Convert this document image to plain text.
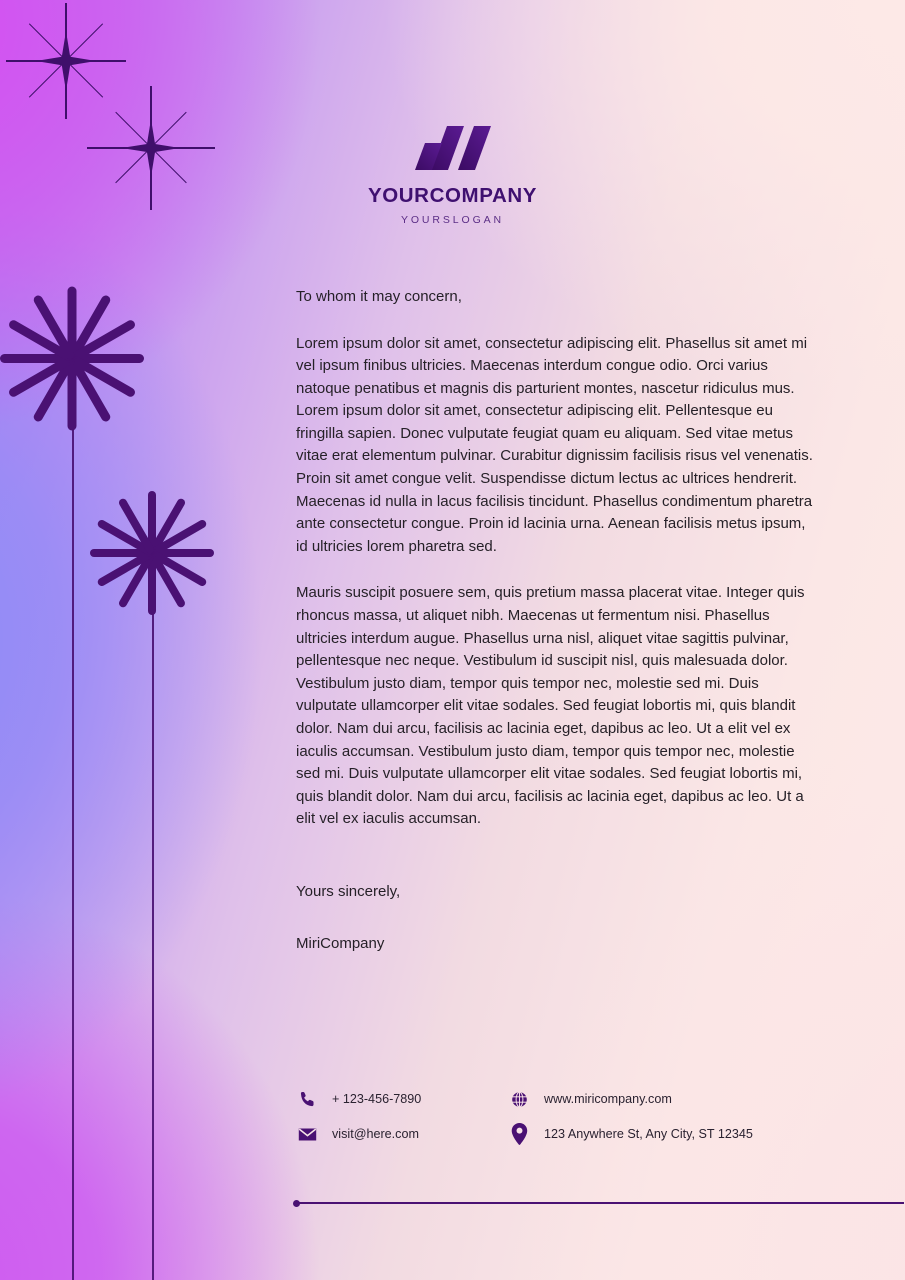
YOURCOMPANY
YOURSLOGAN
To whom it may concern,

Lorem ipsum dolor sit amet, consectetur adipiscing elit. Phasellus sit amet mi vel ipsum finibus ultricies. Maecenas interdum congue odio. Orci varius natoque penatibus et magnis dis parturient montes, nascetur ridiculus mus. Lorem ipsum dolor sit amet, consectetur adipiscing elit. Pellentesque eu fringilla sapien. Donec vulputate feugiat quam eu aliquam. Sed vitae metus vitae erat elementum pulvinar. Curabitur dignissim facilisis risus vel venenatis. Proin sit amet congue velit. Suspendisse dictum lectus ac ultrices hendrerit. Maecenas id nulla in lacus facilisis tincidunt. Phasellus condimentum pharetra ante consectetur congue. Proin id lacinia urna. Aenean facilisis metus ipsum, id ultricies lorem pharetra sed.

Mauris suscipit posuere sem, quis pretium massa placerat vitae. Integer quis rhoncus massa, ut aliquet nibh. Maecenas ut fermentum nisi. Phasellus ultricies interdum augue. Phasellus urna nisl, aliquet vitae sagittis pulvinar, pellentesque nec neque. Vestibulum id suscipit nisl, quis malesuada dolor. Vestibulum justo diam, tempor quis tempor nec, molestie sed mi. Duis vulputate ullamcorper elit vitae sodales. Sed feugiat lobortis mi, quis blandit dolor. Nam dui arcu, facilisis ac lacinia eget, dapibus ac leo. Ut a elit vel ex iaculis accumsan. Vestibulum justo diam, tempor quis tempor nec, molestie sed mi. Duis vulputate ullamcorper elit vitae sodales. Sed feugiat lobortis mi, quis blandit dolor. Nam dui arcu, facilisis ac lacinia eget, dapibus ac leo. Ut a elit vel ex iaculis accumsan.

Yours sincerely,
MiriCompany
+ 123-456-7890	www.miricompany.com
visit@here.com	123 Anywhere St, Any City, ST 12345
